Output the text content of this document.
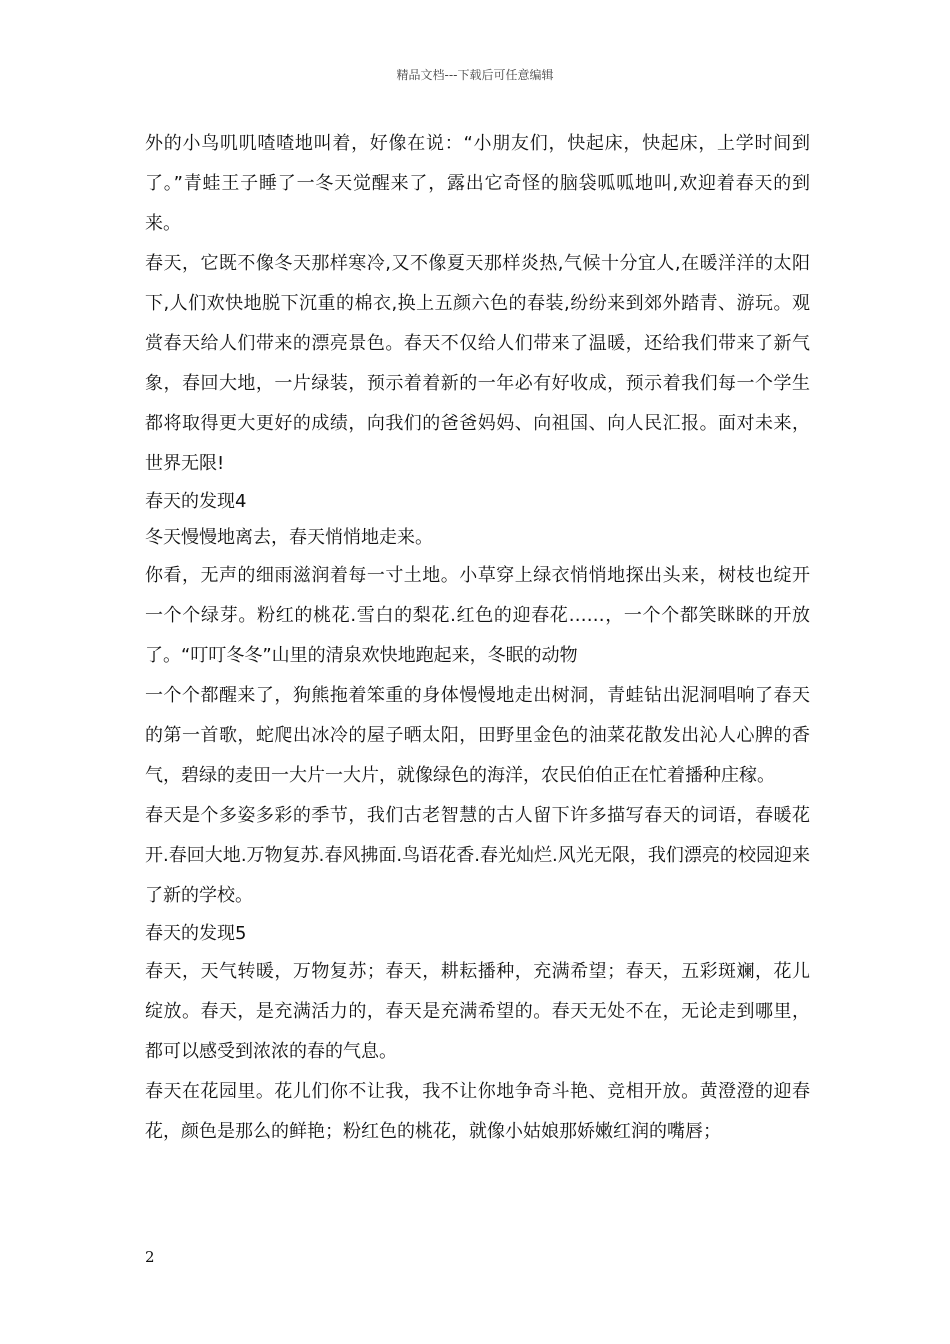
精品文档---下载后可任意编辑

外的小鸟叽叽喳喳地叫着，好像在说：“小朋友们，快起床，快起床，上学时间到了。”青蛙王子睡了一冬天觉醒来了，露出它奇怪的脑袋呱呱地叫,欢迎着春天的到来。

春天，它既不像冬天那样寒冷,又不像夏天那样炎热,气候十分宜人,在暖洋洋的太阳下,人们欢快地脱下沉重的棉衣,换上五颜六色的春装,纷纷来到郊外踏青、游玩。观赏春天给人们带来的漂亮景色。春天不仅给人们带来了温暖，还给我们带来了新气象，春回大地，一片绿装，预示着着新的一年必有好收成，预示着我们每一个学生都将取得更大更好的成绩，向我们的爸爸妈妈、向祖国、向人民汇报。面对未来，世界无限!

春天的发现4

冬天慢慢地离去，春天悄悄地走来。

你看，无声的细雨滋润着每一寸土地。小草穿上绿衣悄悄地探出头来，树枝也绽开一个个绿芽。粉红的桃花.雪白的梨花.红色的迎春花……，一个个都笑眯眯的开放了。“叮叮冬冬”山里的清泉欢快地跑起来，冬眠的动物

一个个都醒来了，狗熊拖着笨重的身体慢慢地走出树洞，青蛙钻出泥洞唱响了春天的第一首歌，蛇爬出冰冷的屋子晒太阳，田野里金色的油菜花散发出沁人心脾的香气，碧绿的麦田一大片一大片，就像绿色的海洋，农民伯伯正在忙着播种庄稼。

春天是个多姿多彩的季节，我们古老智慧的古人留下许多描写春天的词语，春暖花开.春回大地.万物复苏.春风拂面.鸟语花香.春光灿烂.风光无限，我们漂亮的校园迎来了新的学校。

春天的发现5

春天，天气转暖，万物复苏；春天，耕耘播种，充满希望；春天，五彩斑斓，花儿绽放。春天，是充满活力的，春天是充满希望的。春天无处不在，无论走到哪里，都可以感受到浓浓的春的气息。

春天在花园里。花儿们你不让我，我不让你地争奇斗艳、竞相开放。黄澄澄的迎春花，颜色是那么的鲜艳；粉红色的桃花，就像小姑娘那娇嫩红润的嘴唇；

2
